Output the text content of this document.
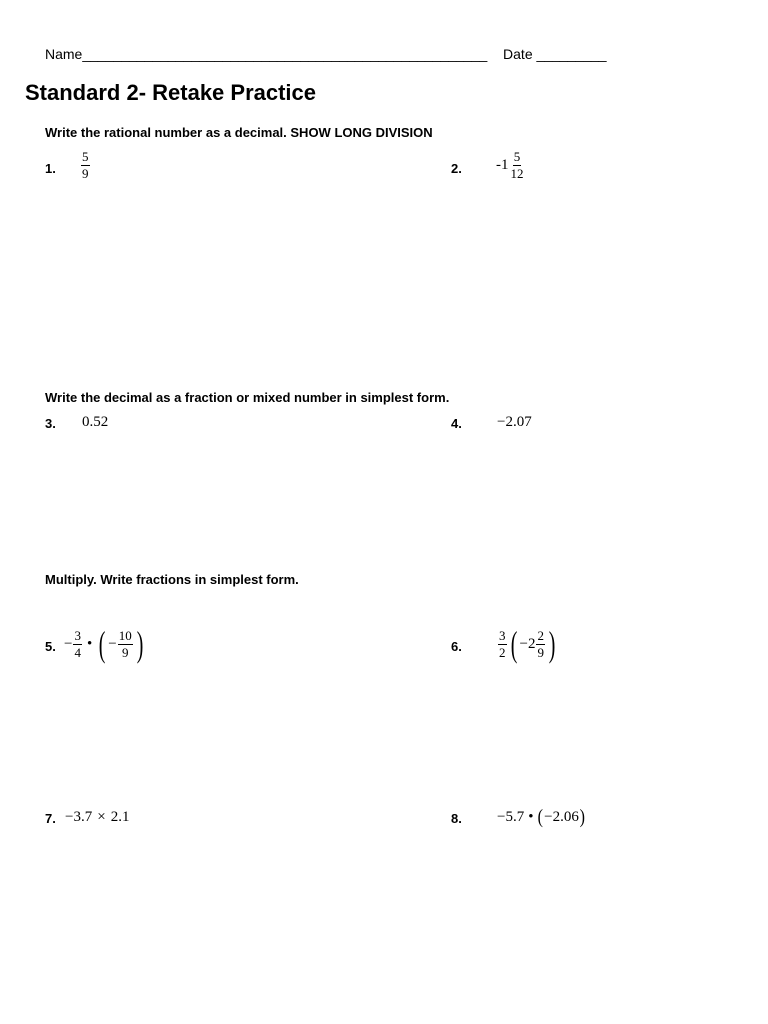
Name____________________________________________________ Date _________
Standard 2- Retake Practice
Write the rational number as a decimal. SHOW LONG DIVISION
1. $\frac{5}{9}$	2. $-1 \frac{5}{12}$
Write the decimal as a fraction or mixed number in simplest form.
3. 0.52	4. −2.07
Multiply. Write fractions in simplest form.
5. − $\frac{3}{4}$ • ( − $\frac{10}{9}$ )	6.	$\frac{3}{2}$ ( $-2 \frac{2}{9}$ )
7. −3.7 × 2.1	8. −5.7 • ( −2.06 )
